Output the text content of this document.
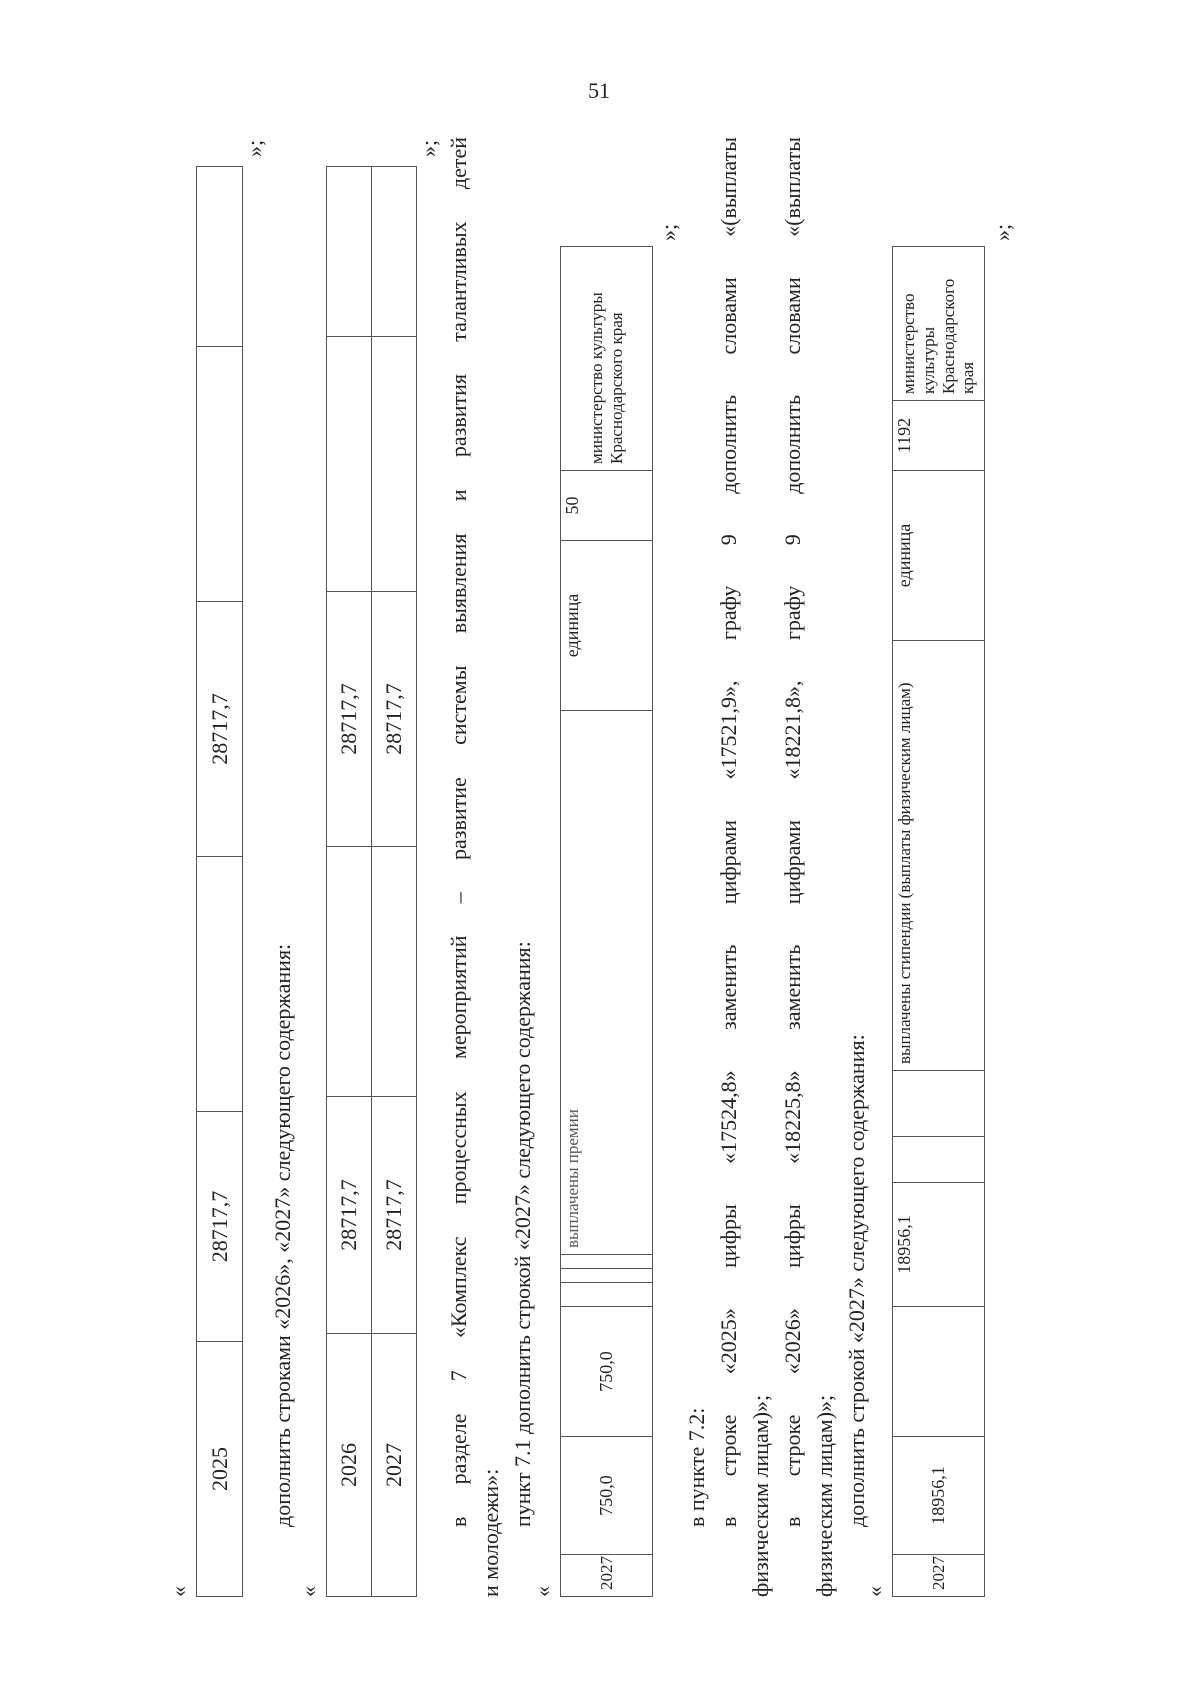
51
«
2025	28717,7		28717,7		
»;
дополнить строками «2026», «2027» следующего содержания:
«
2026	28717,7		28717,7		
2027	28717,7		28717,7		
»; в разделе 7 «Комплекс процессных мероприятий – развитие системы выявления и развития талантливых детей
и молодежи»:
пункт 7.1 дополнить строкой «2027» следующего содержания:
«
2027	750,0	750,0				выплачены премии	единица	50	министерство культуры Краснодарского края
»;
в пункте 7.2: в строке «2025» цифры «17524,8» заменить цифрами «17521,9», графу 9 дополнить словами «(выплаты физическим лицам)»; в строке «2026» цифры «18225,8» заменить цифрами «18221,8», графу 9 дополнить словами «(выплаты физическим лицам)»; дополнить строкой «2027» следующего содержания:
«
2027	18956,1		18956,1			выплачены стипендии (выплаты физическим лицам)	единица	1192	министерство культуры Краснодарского края
»;
